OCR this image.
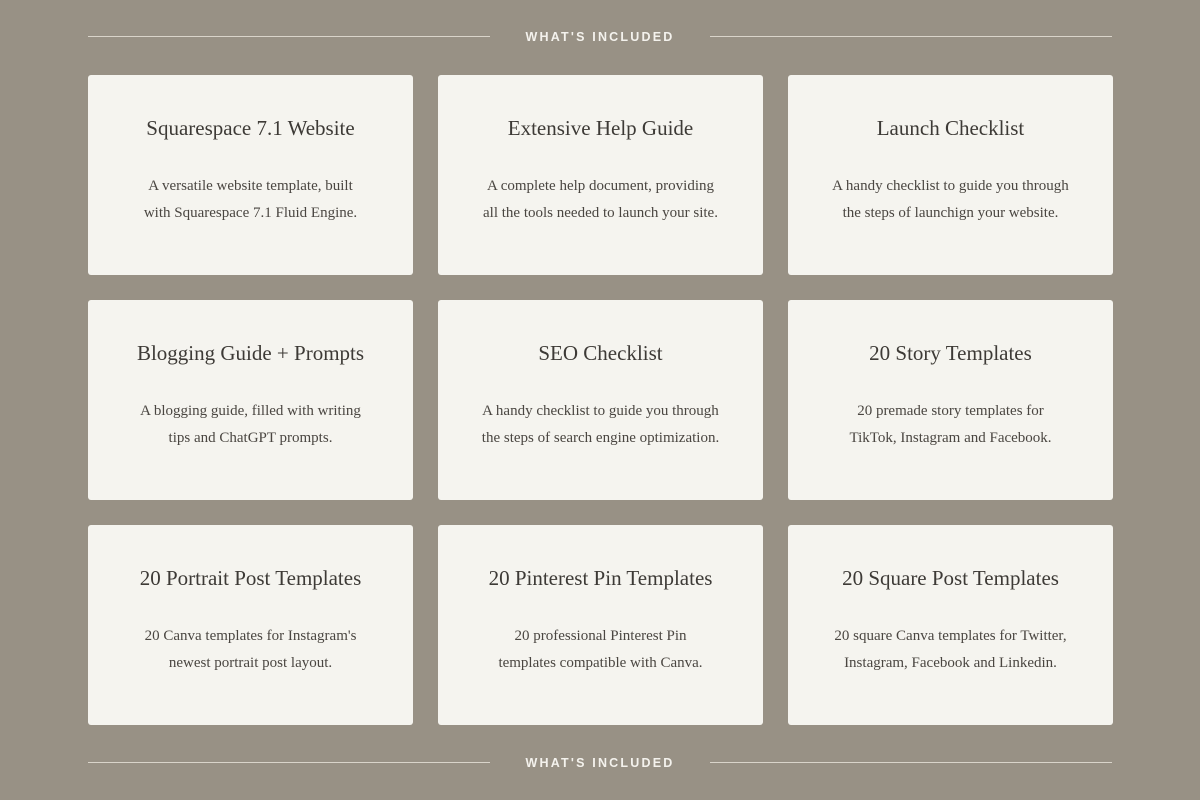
WHAT'S INCLUDED
Squarespace 7.1 Website
A versatile website template, built
with Squarespace 7.1 Fluid Engine.
Extensive Help Guide
A complete help document, providing
all the tools needed to launch your site.
Launch Checklist
A handy checklist to guide you through
the steps of launchign your website.
Blogging Guide + Prompts
A blogging guide, filled with writing
tips and ChatGPT prompts.
SEO Checklist
A handy checklist to guide you through
the steps of search engine optimization.
20 Story Templates
20 premade story templates for
TikTok, Instagram and Facebook.
20 Portrait Post Templates
20 Canva templates for Instagram's
newest portrait post layout.
20 Pinterest Pin Templates
20 professional Pinterest Pin
templates compatible with Canva.
20 Square Post Templates
20 square Canva templates for Twitter,
Instagram, Facebook and Linkedin.
WHAT'S INCLUDED
